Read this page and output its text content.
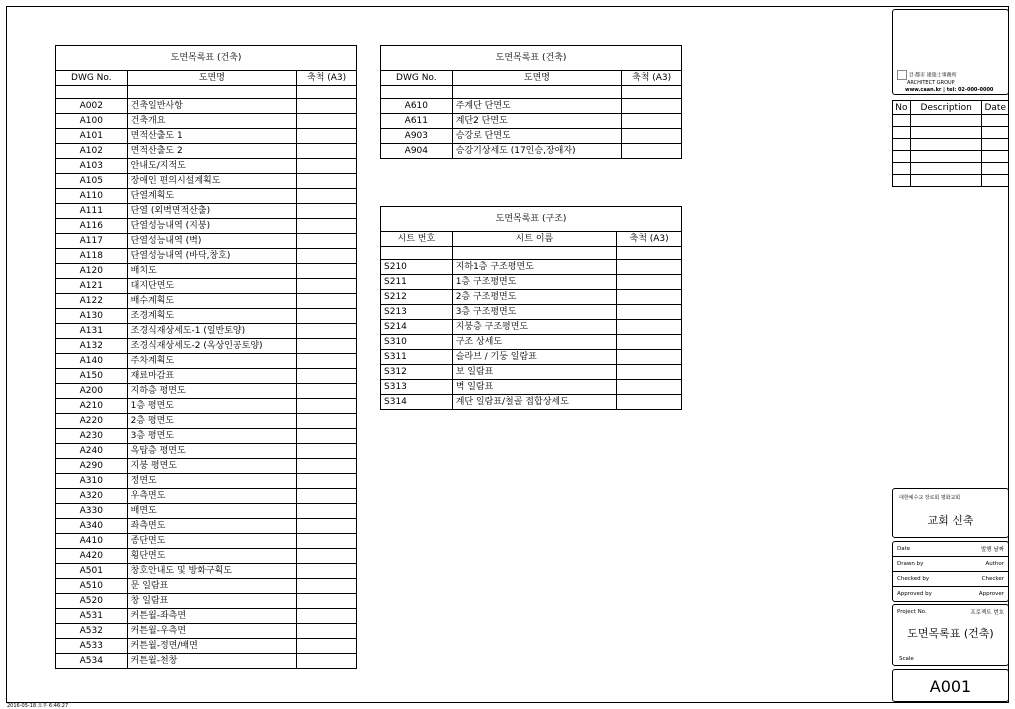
도면목록표 (건축)		
DWG No.	도면명	축척 (A3)

A002	건축일반사항	
A100	건축개요	
A101	면적산출도 1	
A102	면적산출도 2	
A103	안내도/지적도	
A105	장애인 편의시설계획도	
A110	단열계획도	
A111	단열 (외벽면적산출)	
A116	단열성능내역 (지붕)	
A117	단열성능내역 (벽)	
A118	단열성능내역 (바닥,창호)	
A120	배치도	
A121	대지단면도	
A122	배수계획도	
A130	조경계획도	
A131	조경식재상세도-1 (일반토양)	
A132	조경식재상세도-2 (옥상인공토양)	
A140	주차계획도	
A150	재료마감표	
A200	지하층 평면도	
A210	1층 평면도	
A220	2층 평면도	
A230	3층 평면도	
A240	옥탑층 평면도	
A290	지붕 평면도	
A310	정면도	
A320	우측면도	
A330	배면도	
A340	좌측면도	
A410	종단면도	
A420	횡단면도	
A501	창호안내도 및 방화구획도	
A510	문 일람표	
A520	창 일람표	
A531	커튼월-좌측면	
A532	커튼월-우측면	
A533	커튼월-정면/배면	
A534	커튼월-천창	
도면목록표 (건축)		
DWG No.	도면명	축척 (A3)

A610	주계단 단면도	
A611	계단2 단면도	
A903	승강로 단면도	
A904	승강기상세도 (17인승,장애자)	
도면목록표 (구조)		
시트 번호	시트 이름	축척 (A3)

S210	지하1층 구조평면도	
S211	1층 구조평면도	
S212	2층 구조평면도	
S213	3층 구조평면도	
S214	지붕층 구조평면도	
S310	구조 상세도	
S311	슬라브 / 기둥 일람표	
S312	보 일람표	
S313	벽 일람표	
S314	계단 일람표/철골 접합상세도	
건·都市 建築士事務所
ARCHITECT GROUP
www.caan.kr | tel: 02-000-0000
No	Description	Date

대한예수교 장로회 평화교회
교회 신축
Date	발행 날짜
Drawn by	Author
Checked by	Checker
Approved by	Approver
Project No.	프로젝트 번호
도면목록표 (건축)
Scale
A001
2016-05-18 오후 6:46:27
